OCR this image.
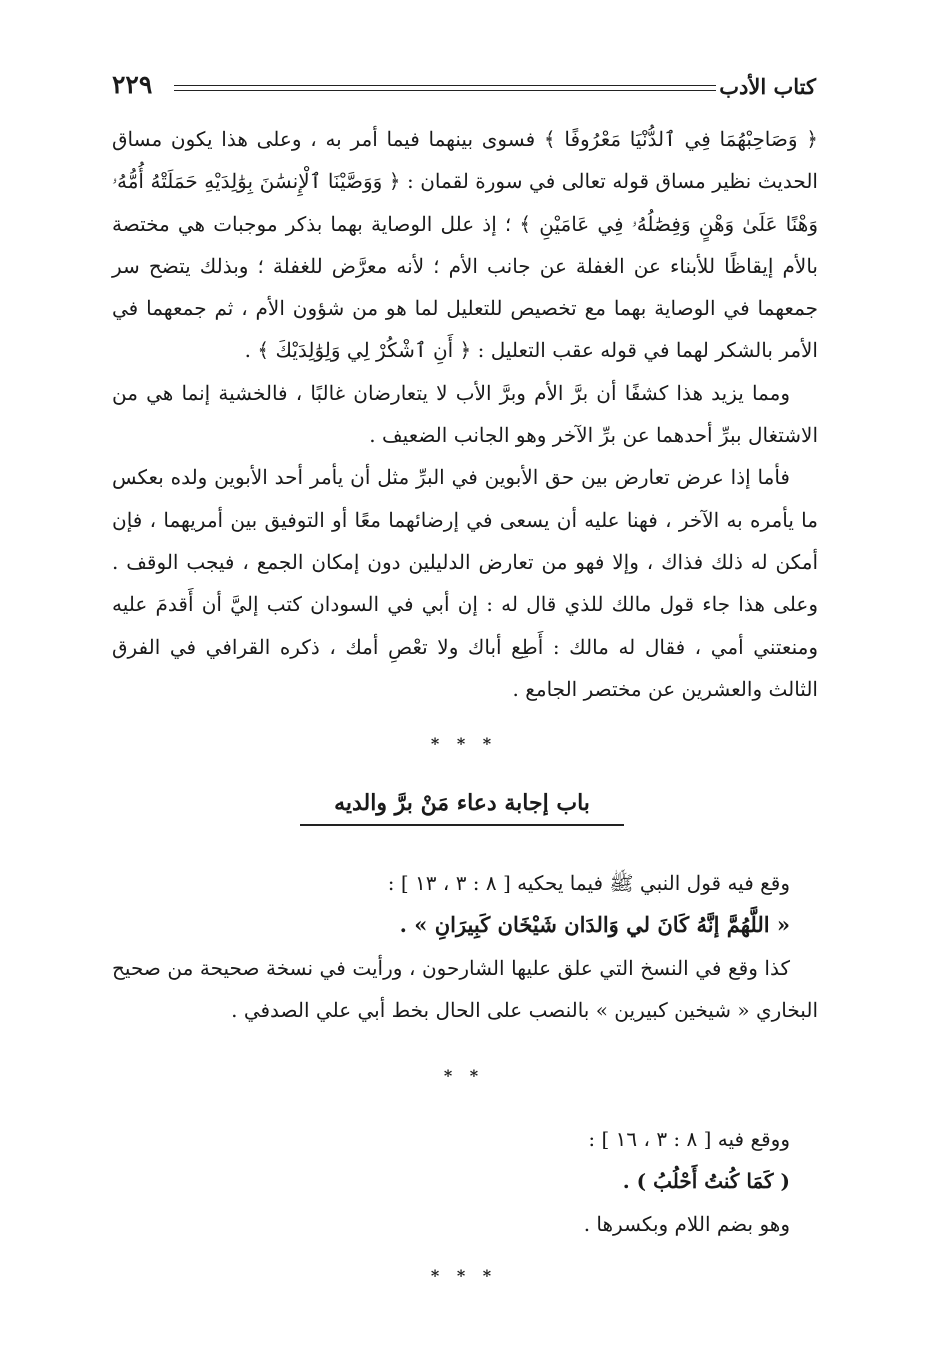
كتاب الأدب
٢٢٩

﴿ وَصَاحِبْهُمَا فِي ٱلدُّنْيَا مَعْرُوفًا ﴾ فسوى بينهما فيما أمر به ، وعلى هذا يكون مساق الحديث نظير مساق قوله تعالى في سورة لقمان : ﴿ وَوَصَّيْنَا ٱلْإِنسَٰنَ بِوَٰلِدَيْهِ حَمَلَتْهُ أُمُّهُۥ وَهْنًا عَلَىٰ وَهْنٍ وَفِصَٰلُهُۥ فِي عَامَيْنِ ﴾ ؛ إذ علل الوصاية بهما بذكر موجبات هي مختصة بالأم إيقاظًا للأبناء عن الغفلة عن جانب الأم ؛ لأنه معرَّض للغفلة ؛ وبذلك يتضح سر جمعهما في الوصاية بهما مع تخصيص للتعليل لما هو من شؤون الأم ، ثم جمعهما في الأمر بالشكر لهما في قوله عقب التعليل : ﴿ أَنِ ٱشْكُرْ لِي وَلِوَٰلِدَيْكَ ﴾ .

ومما يزيد هذا كشفًا أن برَّ الأم وبرَّ الأب لا يتعارضان غالبًا ، فالخشية إنما هي من الاشتغال ببرِّ أحدهما عن برِّ الآخر وهو الجانب الضعيف .

فأما إذا عرض تعارض بين حق الأبوين في البرِّ مثل أن يأمر أحد الأبوين ولده بعكس ما يأمره به الآخر ، فهنا عليه أن يسعى في إرضائهما معًا أو التوفيق بين أمريهما ، فإن أمكن له ذلك فذاك ، وإلا فهو من تعارض الدليلين دون إمكان الجمع ، فيجب الوقف . وعلى هذا جاء قول مالك للذي قال له : إن أبي في السودان كتب إليَّ أن أَقدمَ عليه ومنعتني أمي ، فقال له مالك : أَطِع أباك ولا تعْصِ أمك ، ذكره القرافي في الفرق الثالث والعشرين عن مختصر الجامع .

* * *
باب إجابة دعاء مَنْ برَّ والديه

وقع فيه قول النبي ﷺ فيما يحكيه [ ٨ : ٣ ، ١٣ ] :

« اللَّهُمَّ إنَّهُ كَانَ لي وَالدَان شَيْخَان كَبِيرَانِ » .

كذا وقع في النسخ التي علق عليها الشارحون ، ورأيت في نسخة صحيحة من صحيح البخاري « شيخين كبيرين » بالنصب على الحال بخط أبي علي الصدفي .

* *

ووقع فيه [ ٨ : ٣ ، ١٦ ] :

( كَمَا كُنتُ أَحْلُبُ ) .

وهو بضم اللام وبكسرها .

* * *
